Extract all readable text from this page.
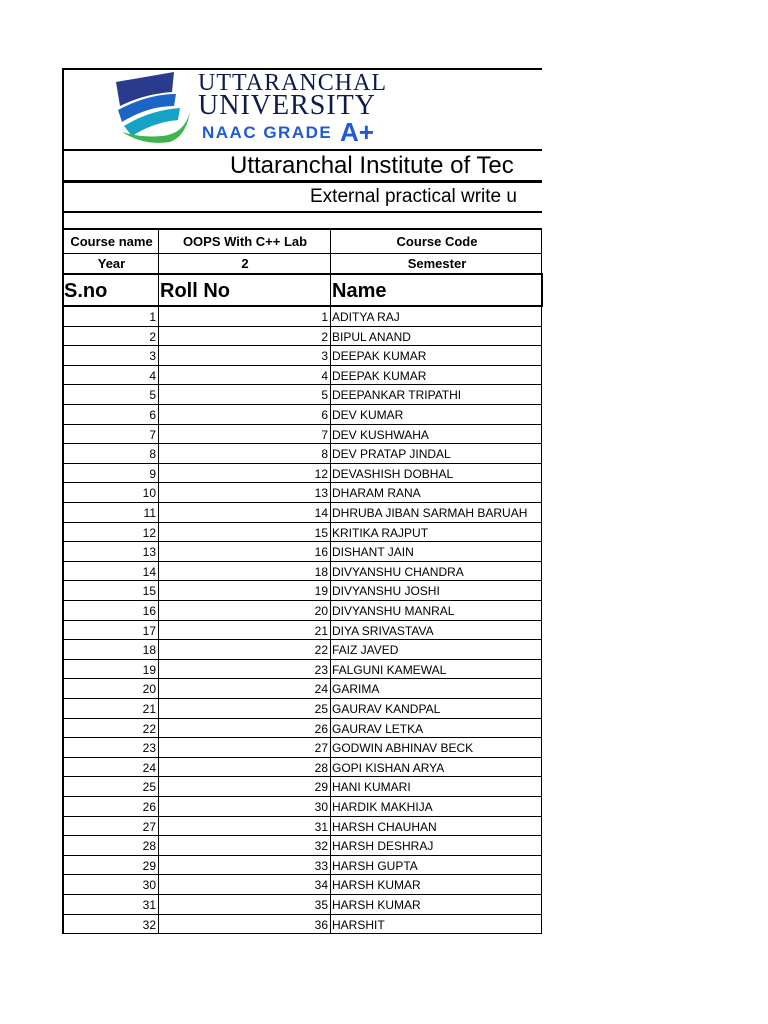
UTTARANCHAL
UNIVERSITY
NAAC GRADE A+
Uttaranchal Institute of Tec
External practical write u
Course name	OOPS With C++ Lab	Course Code
Year	2	Semester
S.no	Roll No	Name
1	1 ADITYA RAJ
2	2 BIPUL ANAND
3	3 DEEPAK KUMAR
4	4 DEEPAK KUMAR
5	5 DEEPANKAR TRIPATHI
6	6 DEV KUMAR
7	7 DEV KUSHWAHA
8	8 DEV PRATAP JINDAL
9	12 DEVASHISH DOBHAL
10	13 DHARAM RANA
11	14 DHRUBA JIBAN SARMAH BARUAH
12	15 KRITIKA RAJPUT
13	16 DISHANT JAIN
14	18 DIVYANSHU CHANDRA
15	19 DIVYANSHU JOSHI
16	20 DIVYANSHU MANRAL
17	21 DIYA SRIVASTAVA
18	22 FAIZ JAVED
19	23 FALGUNI KAMEWAL
20	24 GARIMA
21	25 GAURAV KANDPAL
22	26 GAURAV LETKA
23	27 GODWIN ABHINAV BECK
24	28 GOPI KISHAN ARYA
25	29 HANI KUMARI
26	30 HARDIK MAKHIJA
27	31 HARSH CHAUHAN
28	32 HARSH DESHRAJ
29	33 HARSH GUPTA
30	34 HARSH KUMAR
31	35 HARSH KUMAR
32	36 HARSHIT
